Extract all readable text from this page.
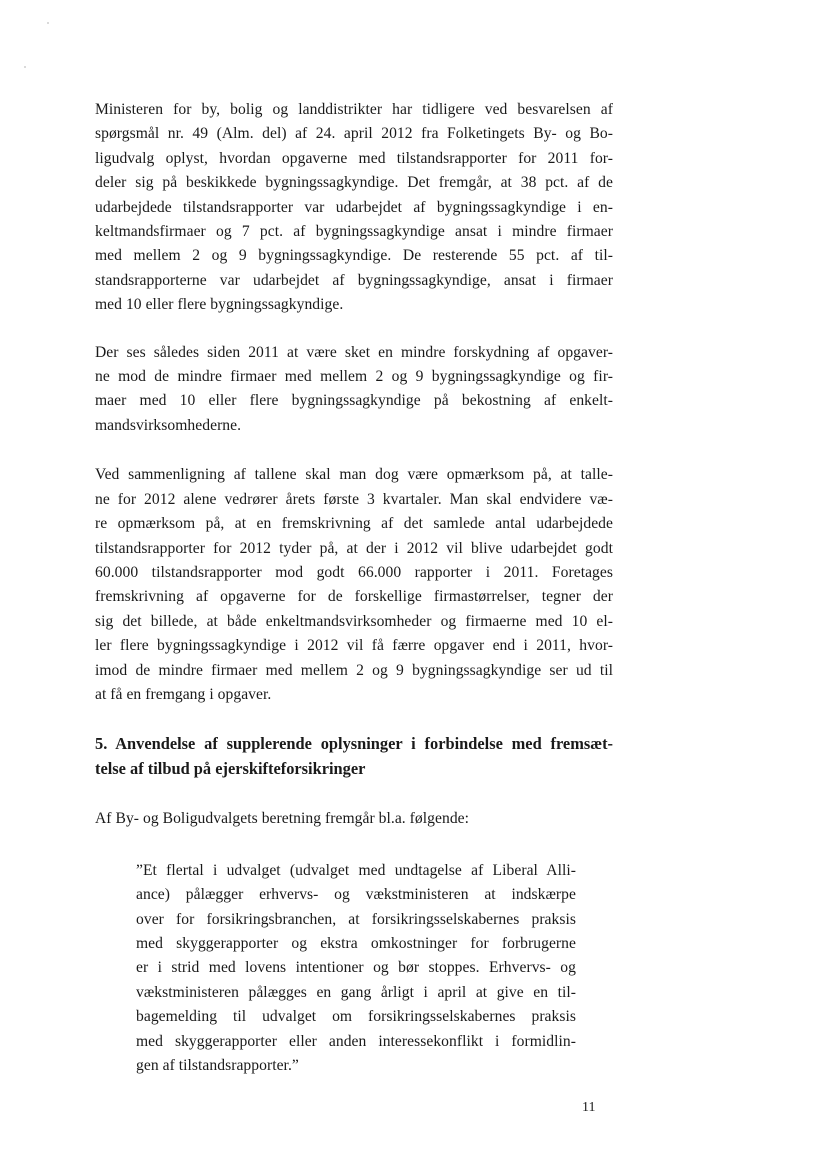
Ministeren for by, bolig og landdistrikter har tidligere ved besvarelsen af
spørgsmål nr. 49 (Alm. del) af 24. april 2012 fra Folketingets By- og Bo-
ligudvalg oplyst, hvordan opgaverne med tilstandsrapporter for 2011 for-
deler sig på beskikkede bygningssagkyndige. Det fremgår, at 38 pct. af de
udarbejdede tilstandsrapporter var udarbejdet af bygningssagkyndige i en-
keltmandsfirmaer og 7 pct. af bygningssagkyndige ansat i mindre firmaer
med mellem 2 og 9 bygningssagkyndige. De resterende 55 pct. af til-
standsrapporterne var udarbejdet af bygningssagkyndige, ansat i firmaer
med 10 eller flere bygningssagkyndige.

Der ses således siden 2011 at være sket en mindre forskydning af opgaver-
ne mod de mindre firmaer med mellem 2 og 9 bygningssagkyndige og fir-
maer med 10 eller flere bygningssagkyndige på bekostning af enkelt-
mandsvirksomhederne.

Ved sammenligning af tallene skal man dog være opmærksom på, at talle-
ne for 2012 alene vedrører årets første 3 kvartaler. Man skal endvidere væ-
re opmærksom på, at en fremskrivning af det samlede antal udarbejdede
tilstandsrapporter for 2012 tyder på, at der i 2012 vil blive udarbejdet godt
60.000 tilstandsrapporter mod godt 66.000 rapporter i 2011. Foretages
fremskrivning af opgaverne for de forskellige firmastørrelser, tegner der
sig det billede, at både enkeltmandsvirksomheder og firmaerne med 10 el-
ler flere bygningssagkyndige i 2012 vil få færre opgaver end i 2011, hvor-
imod de mindre firmaer med mellem 2 og 9 bygningssagkyndige ser ud til
at få en fremgang i opgaver.

5. Anvendelse af supplerende oplysninger i forbindelse med fremsæt-
telse af tilbud på ejerskifteforsikringer

Af By- og Boligudvalgets beretning fremgår bl.a. følgende:

”Et flertal i udvalget (udvalget med undtagelse af Liberal Alli-
ance) pålægger erhvervs- og vækstministeren at indskærpe
over for forsikringsbranchen, at forsikringsselskabernes praksis
med skyggerapporter og ekstra omkostninger for forbrugerne
er i strid med lovens intentioner og bør stoppes. Erhvervs- og
vækstministeren pålægges en gang årligt i april at give en til-
bagemelding til udvalget om forsikringsselskabernes praksis
med skyggerapporter eller anden interessekonflikt i formidlin-
gen af tilstandsrapporter.”
11
